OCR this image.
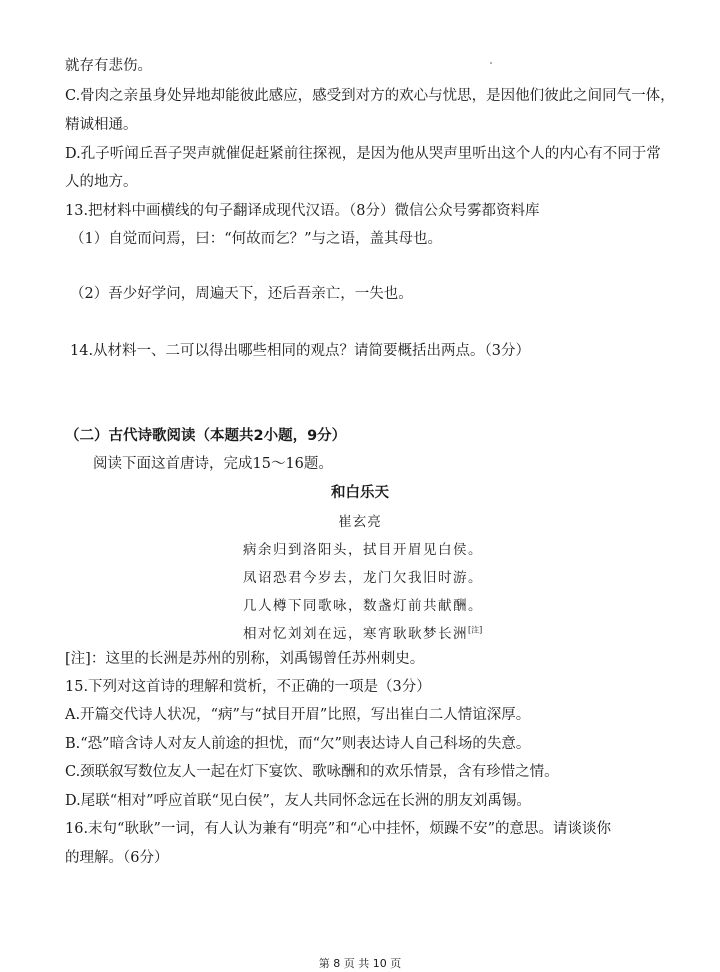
就存有悲伤。
C.骨肉之亲虽身处异地却能彼此感应，感受到对方的欢心与忧思，是因他们彼此之间同气一体，
精诚相通。
D.孔子听闻丘吾子哭声就催促赶紧前往探视，是因为他从哭声里听出这个人的内心有不同于常
人的地方。
13.把材料中画横线的句子翻译成现代汉语。（8分）微信公众号雾都资料库
（1）自觉而问焉，曰：“何故而乞？”与之语，盖其母也。
（2）吾少好学问，周遍天下，还后吾亲亡，一失也。
14.从材料一、二可以得出哪些相同的观点？请简要概括出两点。（3分）
（二）古代诗歌阅读（本题共2小题，9分）
阅读下面这首唐诗，完成15～16题。
和白乐天
崔玄亮
病余归到洛阳头，拭目开眉见白侯。
凤诏恐君今岁去，龙门欠我旧时游。
几人樽下同歌咏，数盏灯前共献酬。
相对忆刘刘在远，寒宵耿耿梦长洲[注]
[注]：这里的长洲是苏州的别称，刘禹锡曾任苏州刺史。
15.下列对这首诗的理解和赏析，不正确的一项是（3分）
A.开篇交代诗人状况，“病”与“拭目开眉”比照，写出崔白二人情谊深厚。
B.“恐”暗含诗人对友人前途的担忧，而“欠”则表达诗人自己科场的失意。
C.颈联叙写数位友人一起在灯下宴饮、歌咏酬和的欢乐情景，含有珍惜之情。
D.尾联“相对”呼应首联“见白侯”，友人共同怀念远在长洲的朋友刘禹锡。
16.末句“耿耿”一词，有人认为兼有“明亮”和“心中挂怀，烦躁不安”的意思。请谈谈你
的理解。（6分）
第 8 页 共 10 页
